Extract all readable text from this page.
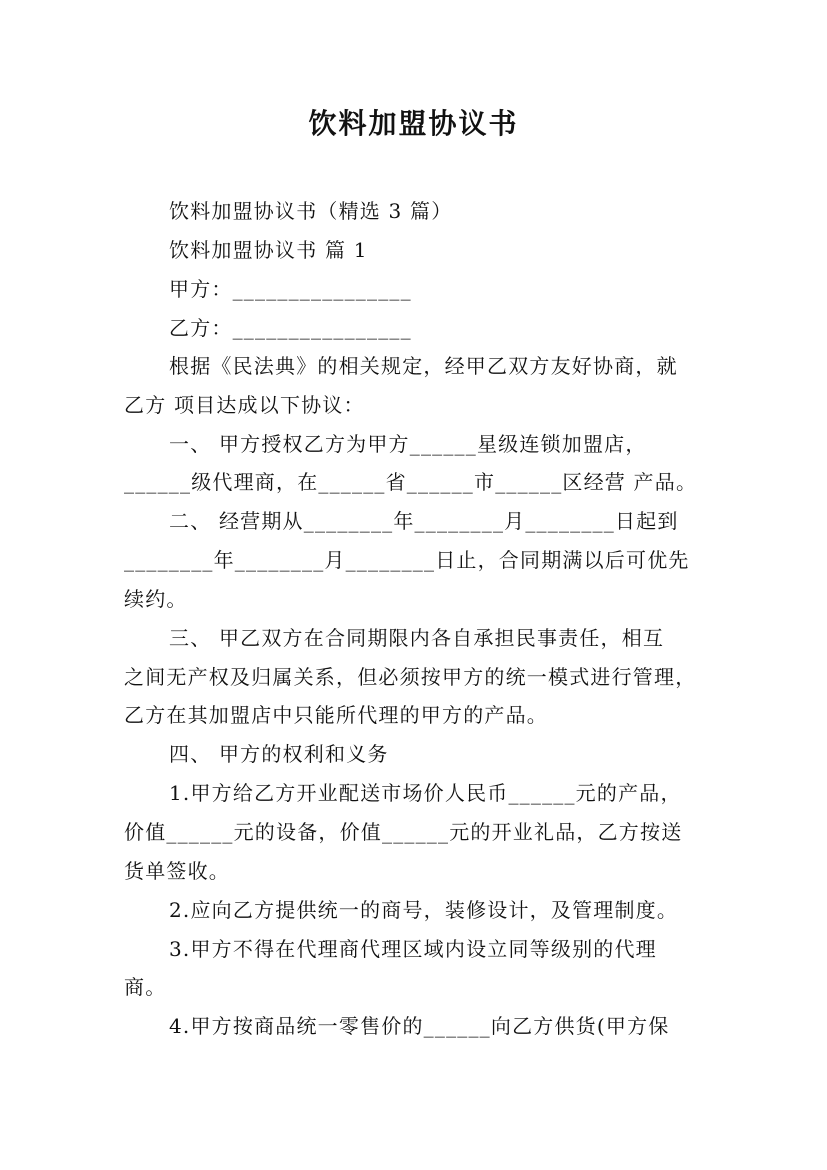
饮料加盟协议书
饮料加盟协议书（精选 3 篇）
饮料加盟协议书 篇 1
甲方：________________
乙方：________________
根据《民法典》的相关规定，经甲乙双方友好协商，就
乙方 项目达成以下协议：
一、 甲方授权乙方为甲方______星级连锁加盟店，
______级代理商，在______省______市______区经营 产品。
二、 经营期从________年________月________日起到
________年________月________日止，合同期满以后可优先
续约。
三、 甲乙双方在合同期限内各自承担民事责任，相互
之间无产权及归属关系，但必须按甲方的统一模式进行管理，
乙方在其加盟店中只能所代理的甲方的产品。
四、 甲方的权利和义务
1.甲方给乙方开业配送市场价人民币______元的产品，
价值______元的设备，价值______元的开业礼品，乙方按送
货单签收。
2.应向乙方提供统一的商号，装修设计，及管理制度。
3.甲方不得在代理商代理区域内设立同等级别的代理
商。
4.甲方按商品统一零售价的______向乙方供货(甲方保
